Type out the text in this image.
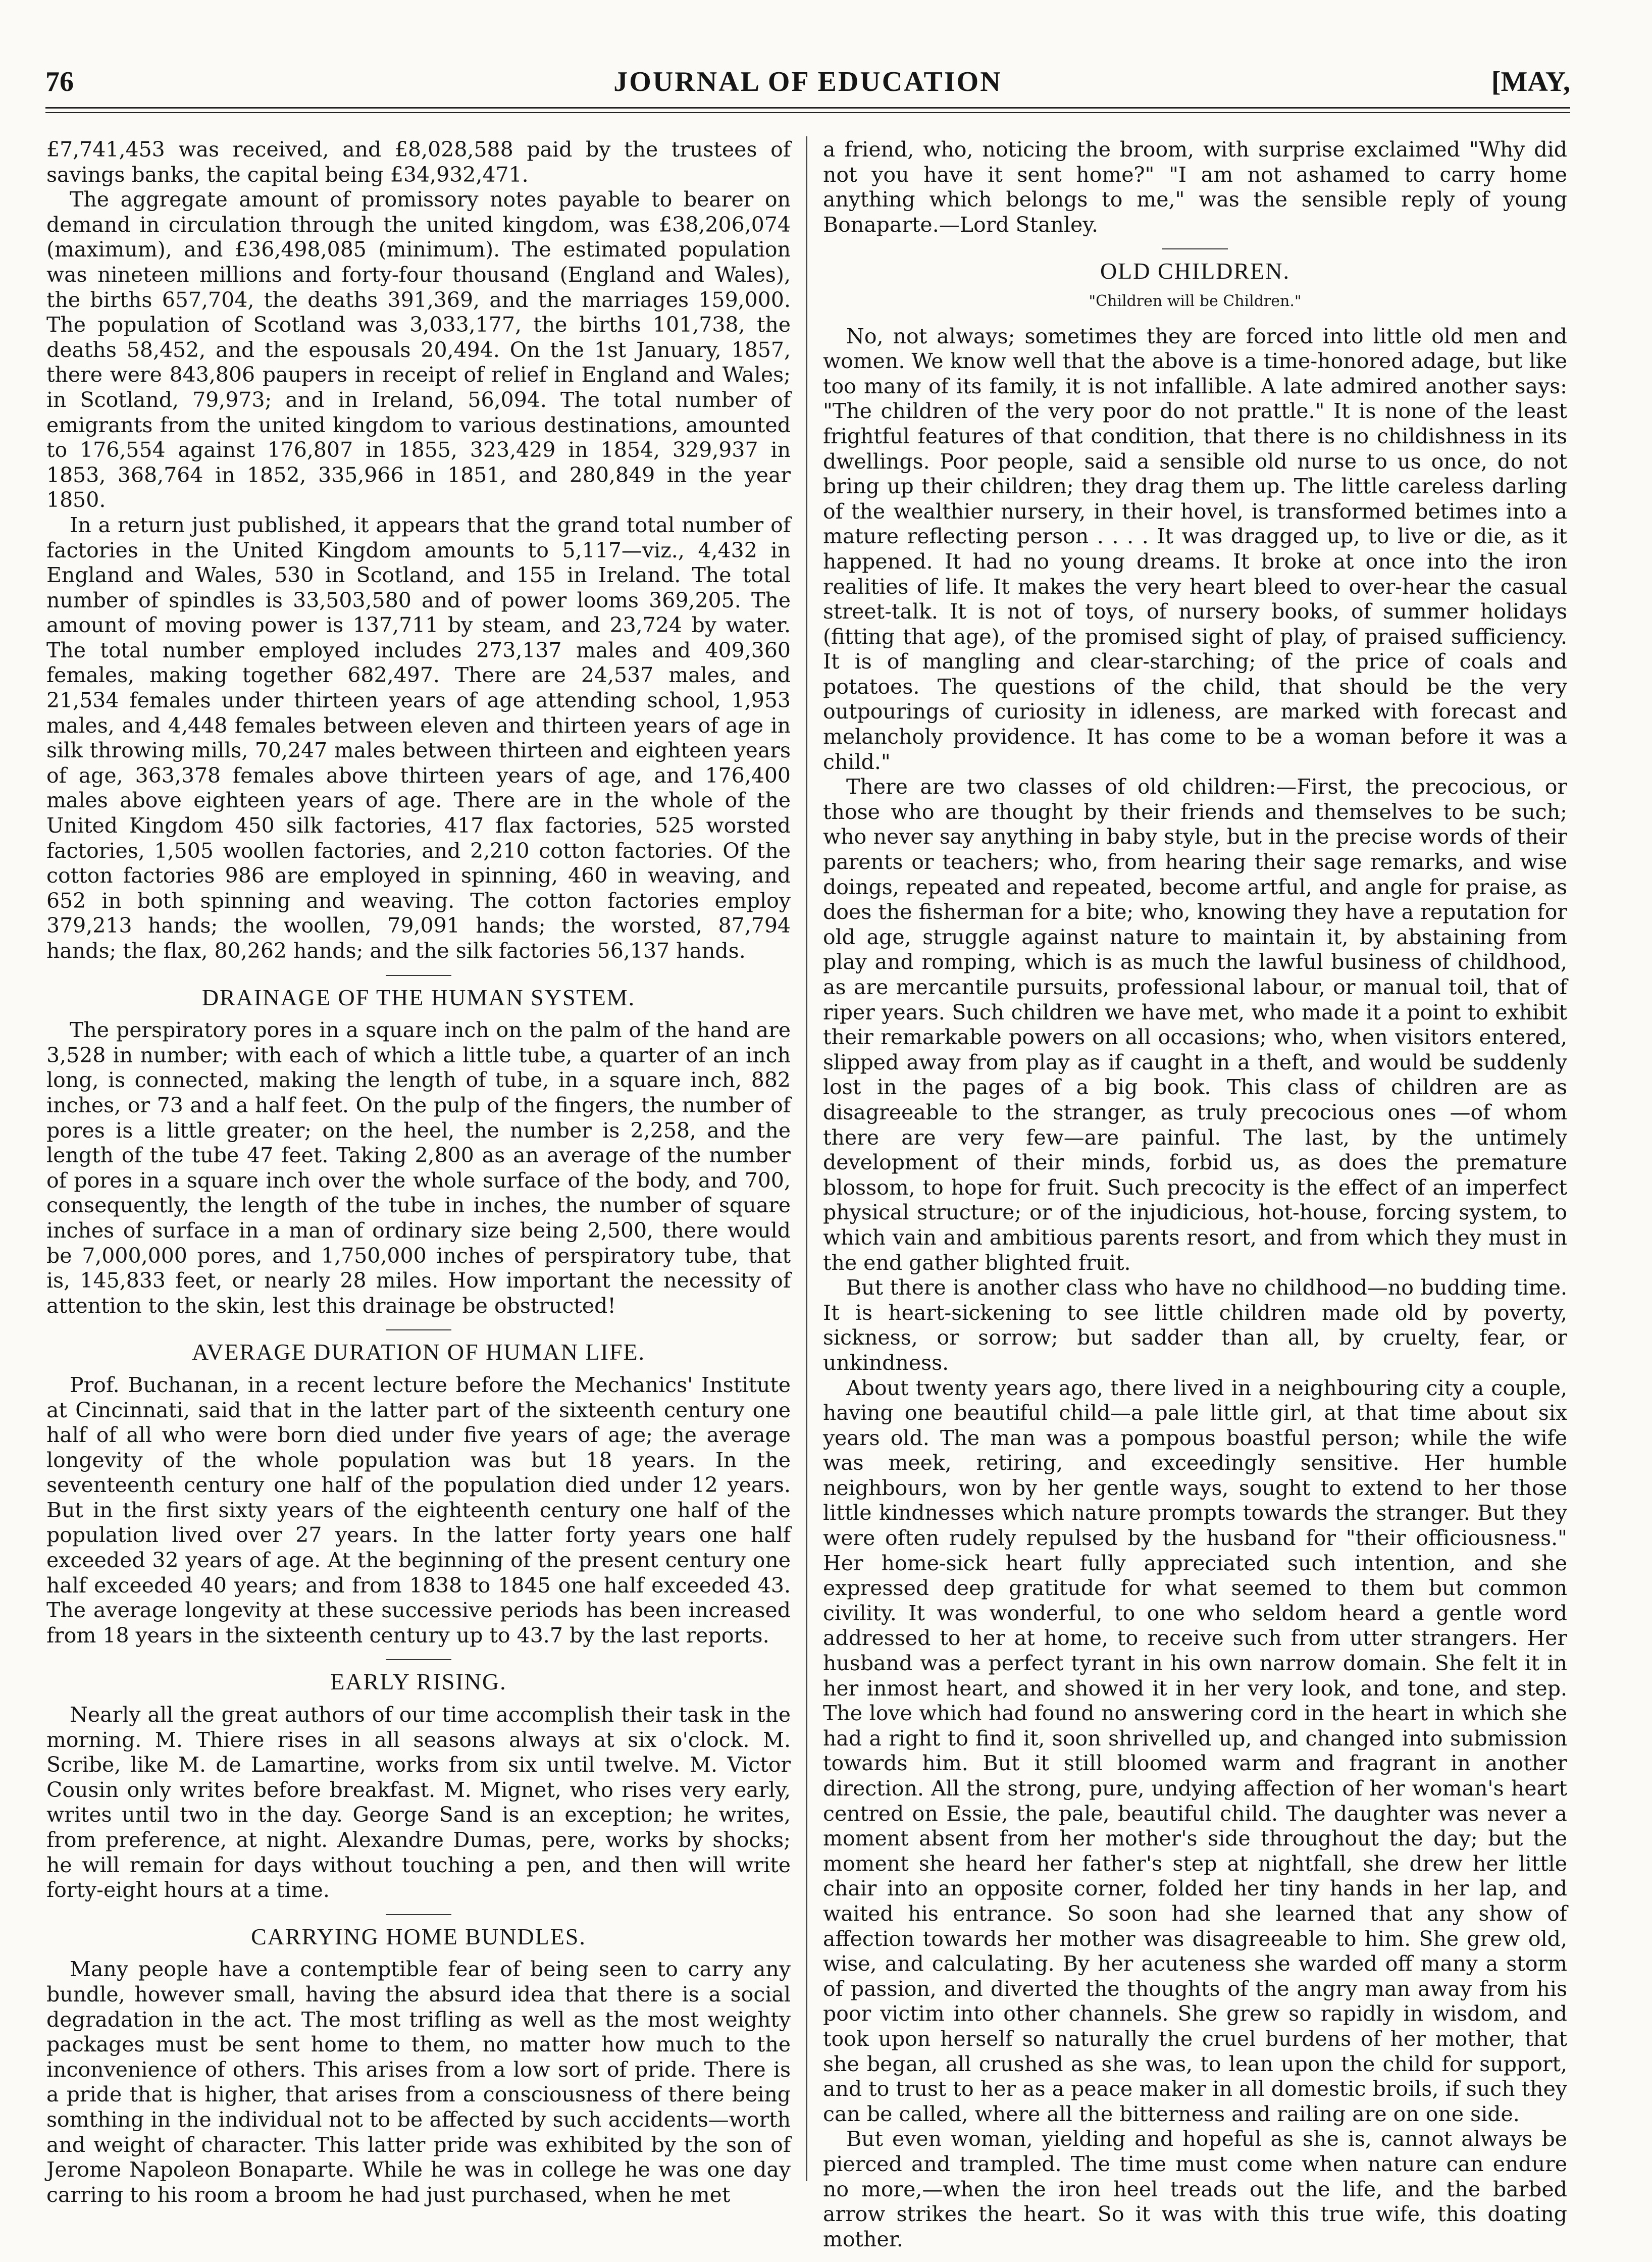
76	JOURNAL OF EDUCATION	[MAY,

£7,741,453 was received, and £8,028,588 paid by the trustees of savings banks, the capital being £34,932,471.

The aggregate amount of promissory notes payable to bearer on demand in circulation through the united kingdom, was £38,206,074 (maximum), and £36,498,085 (minimum). The estimated population was nineteen millions and forty-four thousand (England and Wales), the births 657,704, the deaths 391,369, and the marriages 159,000. The population of Scotland was 3,033,177, the births 101,738, the deaths 58,452, and the espousals 20,494. On the 1st January, 1857, there were 843,806 paupers in receipt of relief in England and Wales; in Scotland, 79,973; and in Ireland, 56,094. The total number of emigrants from the united kingdom to various destinations, amounted to 176,554 against 176,807 in 1855, 323,429 in 1854, 329,937 in 1853, 368,764 in 1852, 335,966 in 1851, and 280,849 in the year 1850.

In a return just published, it appears that the grand total number of factories in the United Kingdom amounts to 5,117—viz., 4,432 in England and Wales, 530 in Scotland, and 155 in Ireland. The total number of spindles is 33,503,580 and of power looms 369,205. The amount of moving power is 137,711 by steam, and 23,724 by water. The total number employed includes 273,137 males and 409,360 females, making together 682,497. There are 24,537 males, and 21,534 females under thirteen years of age attending school, 1,953 males, and 4,448 females between eleven and thirteen years of age in silk throwing mills, 70,247 males between thirteen and eighteen years of age, 363,378 females above thirteen years of age, and 176,400 males above eighteen years of age. There are in the whole of the United Kingdom 450 silk factories, 417 flax factories, 525 worsted factories, 1,505 woollen factories, and 2,210 cotton factories. Of the cotton factories 986 are employed in spinning, 460 in weaving, and 652 in both spinning and weaving. The cotton factories employ 379,213 hands; the woollen, 79,091 hands; the worsted, 87,794 hands; the flax, 80,262 hands; and the silk factories 56,137 hands.

DRAINAGE OF THE HUMAN SYSTEM.

The perspiratory pores in a square inch on the palm of the hand are 3,528 in number; with each of which a little tube, a quarter of an inch long, is connected, making the length of tube, in a square inch, 882 inches, or 73 and a half feet. On the pulp of the fingers, the number of pores is a little greater; on the heel, the number is 2,258, and the length of the tube 47 feet. Taking 2,800 as an average of the number of pores in a square inch over the whole surface of the body, and 700, consequently, the length of the tube in inches, the number of square inches of surface in a man of ordinary size being 2,500, there would be 7,000,000 pores, and 1,750,000 inches of perspiratory tube, that is, 145,833 feet, or nearly 28 miles. How important the necessity of attention to the skin, lest this drainage be obstructed!

AVERAGE DURATION OF HUMAN LIFE.

Prof. Buchanan, in a recent lecture before the Mechanics' Institute at Cincinnati, said that in the latter part of the sixteenth century one half of all who were born died under five years of age; the average longevity of the whole population was but 18 years. In the seventeenth century one half of the population died under 12 years. But in the first sixty years of the eighteenth century one half of the population lived over 27 years. In the latter forty years one half exceeded 32 years of age. At the beginning of the present century one half exceeded 40 years; and from 1838 to 1845 one half exceeded 43. The average longevity at these successive periods has been increased from 18 years in the sixteenth century up to 43.7 by the last reports.

EARLY RISING.

Nearly all the great authors of our time accomplish their task in the morning. M. Thiere rises in all seasons always at six o'clock. M. Scribe, like M. de Lamartine, works from six until twelve. M. Victor Cousin only writes before breakfast. M. Mignet, who rises very early, writes until two in the day. George Sand is an exception; he writes, from preference, at night. Alexandre Dumas, pere, works by shocks; he will remain for days without touching a pen, and then will write forty-eight hours at a time.

CARRYING HOME BUNDLES.

Many people have a contemptible fear of being seen to carry any bundle, however small, having the absurd idea that there is a social degradation in the act. The most trifling as well as the most weighty packages must be sent home to them, no matter how much to the inconvenience of others. This arises from a low sort of pride. There is a pride that is higher, that arises from a consciousness of there being somthing in the individual not to be affected by such accidents—worth and weight of character. This latter pride was exhibited by the son of Jerome Napoleon Bonaparte. While he was in college he was one day carring to his room a broom he had just purchased, when he met

a friend, who, noticing the broom, with surprise exclaimed "Why did not you have it sent home?" "I am not ashamed to carry home anything which belongs to me," was the sensible reply of young Bonaparte.—Lord Stanley.

OLD CHILDREN.
"Children will be Children."

No, not always; sometimes they are forced into little old men and women. We know well that the above is a time-honored adage, but like too many of its family, it is not infallible. A late admired another says: "The children of the very poor do not prattle." It is none of the least frightful features of that condition, that there is no childishness in its dwellings. Poor people, said a sensible old nurse to us once, do not bring up their children; they drag them up. The little careless darling of the wealthier nursery, in their hovel, is transformed betimes into a mature reflecting person . . . . It was dragged up, to live or die, as it happened. It had no young dreams. It broke at once into the iron realities of life. It makes the very heart bleed to over-hear the casual street-talk. It is not of toys, of nursery books, of summer holidays (fitting that age), of the promised sight of play, of praised sufficiency. It is of mangling and clear-starching; of the price of coals and potatoes. The questions of the child, that should be the very outpourings of curiosity in idleness, are marked with forecast and melancholy providence. It has come to be a woman before it was a child."

There are two classes of old children:—First, the precocious, or those who are thought by their friends and themselves to be such; who never say anything in baby style, but in the precise words of their parents or teachers; who, from hearing their sage remarks, and wise doings, repeated and repeated, become artful, and angle for praise, as does the fisherman for a bite; who, knowing they have a reputation for old age, struggle against nature to maintain it, by abstaining from play and romping, which is as much the lawful business of childhood, as are mercantile pursuits, professional labour, or manual toil, that of riper years. Such children we have met, who made it a point to exhibit their remarkable powers on all occasions; who, when visitors entered, slipped away from play as if caught in a theft, and would be suddenly lost in the pages of a big book. This class of children are as disagreeable to the stranger, as truly precocious ones —of whom there are very few—are painful. The last, by the untimely development of their minds, forbid us, as does the premature blossom, to hope for fruit. Such precocity is the effect of an imperfect physical structure; or of the injudicious, hot-house, forcing system, to which vain and ambitious parents resort, and from which they must in the end gather blighted fruit.

But there is another class who have no childhood—no budding time. It is heart-sickening to see little children made old by poverty, sickness, or sorrow; but sadder than all, by cruelty, fear, or unkindness.

About twenty years ago, there lived in a neighbouring city a couple, having one beautiful child—a pale little girl, at that time about six years old. The man was a pompous boastful person; while the wife was meek, retiring, and exceedingly sensitive. Her humble neighbours, won by her gentle ways, sought to extend to her those little kindnesses which nature prompts towards the stranger. But they were often rudely repulsed by the husband for "their officiousness." Her home-sick heart fully appreciated such intention, and she expressed deep gratitude for what seemed to them but common civility. It was wonderful, to one who seldom heard a gentle word addressed to her at home, to receive such from utter strangers. Her husband was a perfect tyrant in his own narrow domain. She felt it in her inmost heart, and showed it in her very look, and tone, and step. The love which had found no answering cord in the heart in which she had a right to find it, soon shrivelled up, and changed into submission towards him. But it still bloomed warm and fragrant in another direction. All the strong, pure, undying affection of her woman's heart centred on Essie, the pale, beautiful child. The daughter was never a moment absent from her mother's side throughout the day; but the moment she heard her father's step at nightfall, she drew her little chair into an opposite corner, folded her tiny hands in her lap, and waited his entrance. So soon had she learned that any show of affection towards her mother was disagreeable to him. She grew old, wise, and calculating. By her acuteness she warded off many a storm of passion, and diverted the thoughts of the angry man away from his poor victim into other channels. She grew so rapidly in wisdom, and took upon herself so naturally the cruel burdens of her mother, that she began, all crushed as she was, to lean upon the child for support, and to trust to her as a peace maker in all domestic broils, if such they can be called, where all the bitterness and railing are on one side.

But even woman, yielding and hopeful as she is, cannot always be pierced and trampled. The time must come when nature can endure no more,—when the iron heel treads out the life, and the barbed arrow strikes the heart. So it was with this true wife, this doating mother.
